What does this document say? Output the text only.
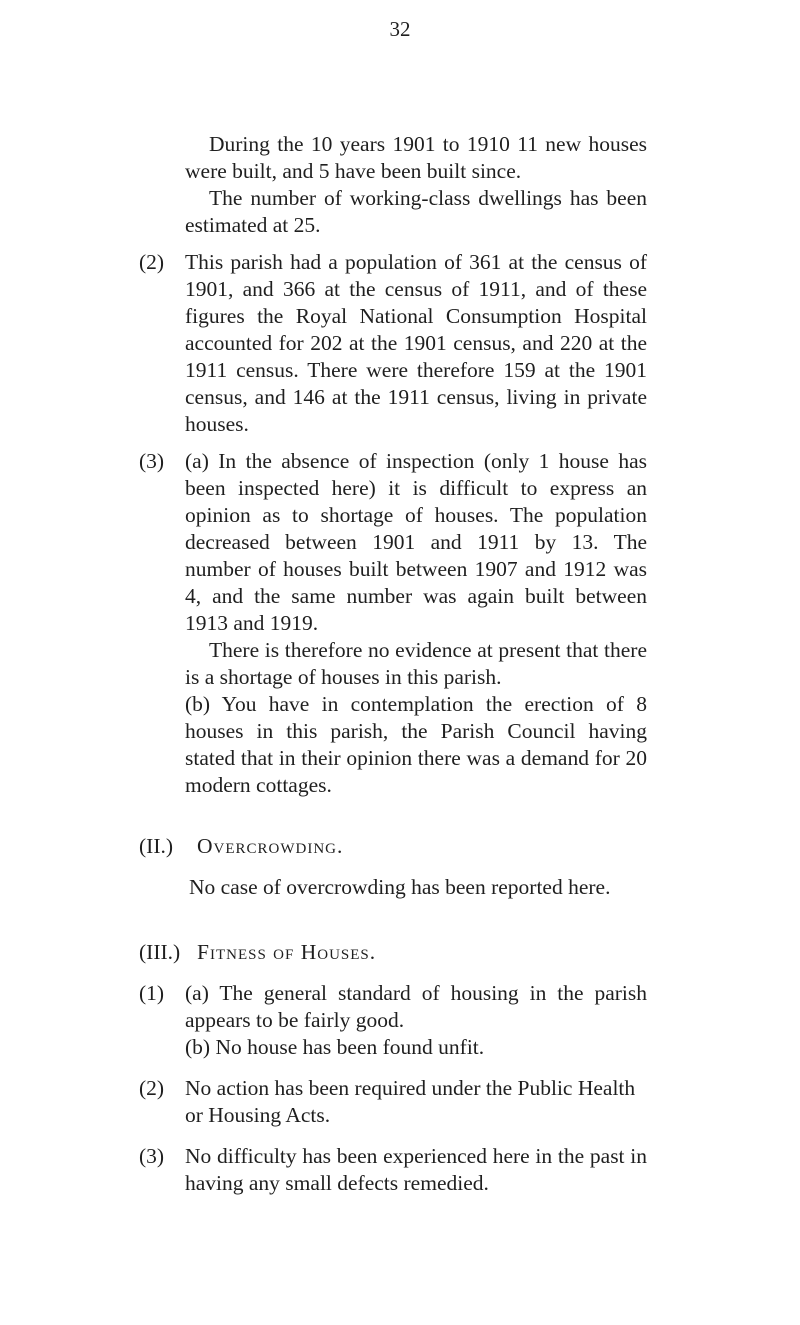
32

During the 10 years 1901 to 1910 11 new houses were built, and 5 have been built since.

The number of working-class dwellings has been estimated at 25.

(2) This parish had a population of 361 at the census of 1901, and 366 at the census of 1911, and of these figures the Royal National Consumption Hospital accounted for 202 at the 1901 census, and 220 at the 1911 census. There were therefore 159 at the 1901 census, and 146 at the 1911 census, living in private houses.

(3) (a) In the absence of inspection (only 1 house has been inspected here) it is difficult to express an opinion as to shortage of houses. The population decreased between 1901 and 1911 by 13. The number of houses built between 1907 and 1912 was 4, and the same number was again built between 1913 and 1919.

There is therefore no evidence at present that there is a shortage of houses in this parish.

(b) You have in contemplation the erection of 8 houses in this parish, the Parish Council having stated that in their opinion there was a demand for 20 modern cottages.

(II.)	Overcrowding.

No case of overcrowding has been reported here.

(III.) Fitness of Houses.
(1) (a) The general standard of housing in the parish appears to be fairly good.

(b) No house has been found unfit.

(2) No action has been required under the Public Health or Housing Acts.

(3) No difficulty has been experienced here in the past in having any small defects remedied.
